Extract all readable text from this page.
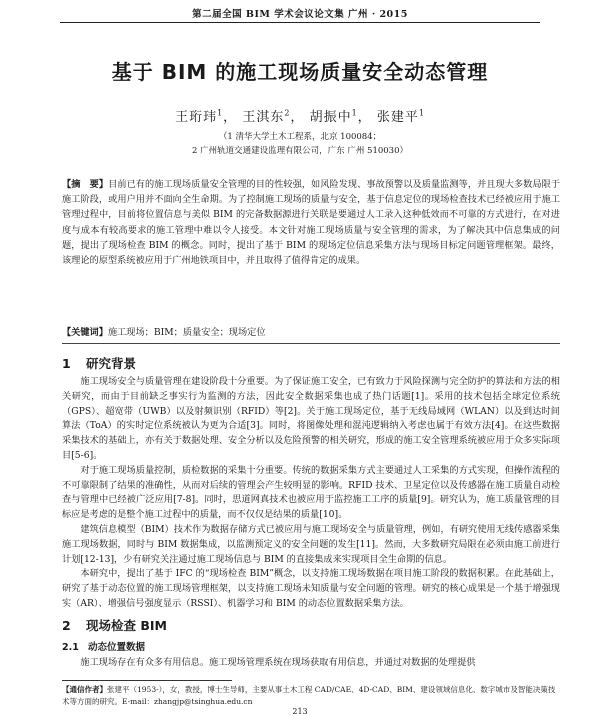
第二届全国 BIM 学术会议论文集 广州 · 2015
基于 BIM 的施工现场质量安全动态管理
王珩玮$^1$， 王淇东$^2$， 胡振中$^1$， 张建平$^1$
（1 清华大学土木工程系，北京 100084；
2 广州轨道交通建设监理有限公司，广东 广州 510030）
【摘　要】目前已有的施工现场质量安全管理的目的性较强，如风险发现、事故预警以及质量监测等，并且现大多数局限于施工阶段，或用户用并不面向全生命期。为了控制施工现场的质量与安全，基于信息定位的现场检查技术已经被应用于施工管理过程中，目前将位置信息与美似 BIM 的完备数据源进行关联是要通过人工录入这种低效而不可靠的方式进行，在对进度与成本有较高要求的施工管理中难以令人接受。本文针对施工现场质量与安全管理的需求，为了解决其中信息集成的问题，提出了现场检查 BIM 的概念。同时，提出了基于 BIM 的现场定位信息采集方法与现场目标定问题管理框架。最终，该理论的原型系统被应用于广州地铁项目中，并且取得了值得肯定的成果。
【关键词】施工现场；BIM；质量安全；现场定位
1 研究背景

施工现场安全与质量管理在建设阶段十分重要。为了保证施工安全，已有致力于风险探测与完全防护的算法和方法的相关研究，而由于目前缺乏事实行为监测的方法，因此安全数据采集也成了热门话题[1]。采用的技术包括全球定位系统（GPS）、超宽带（UWB）以及射频识别（RFID）等[2]。关于施工现场定位，基于无线局域网（WLAN）以及到达时间算法（ToA）的实时定位系统被认为更为合适[3]。同时，将图像处理和混沌逻辑纳入考虑也属于有效方法[4]。在这些数据采集技术的基础上，亦有关于数据处理、安全分析以及危险预警的相关研究，形成的施工安全管理系统被应用于众多实际项目[5-6]。

对于施工现场质量控制，质检数据的采集十分重要。传统的数据采集方式主要通过人工采集的方式实现，但操作流程的不可靠限制了结果的准确性，从而对后续的管理会产生较明显的影响。RFID 技术、卫星定位以及传感器在施工质量自动检查与管理中已经被广泛应用[7-8]。同时，思道网真技术也被应用于监控施工工序的质量[9]。研究认为，施工质量管理的目标应是考虑的是整个施工过程中的质量，而不仅仅是结果的质量[10]。

建筑信息模型（BIM）技术作为数据存储方式已被应用与施工现场安全与质量管理，例如，有研究使用无线传感器采集施工现场数据，同时与 BIM 数据集成，以监测预定义的安全问题的发生[11]。然而，大多数研究局限在必须由施工前进行计划[12-13]，少有研究关注通过施工现场信息与 BIM 的直接集成来实现项目全生命期的信息。

本研究中，提出了基于 IFC 的“现场检查 BIM”概念，以支持施工现场数据在项目施工阶段的数据积累。在此基础上，研究了基于动态位置的施工现场管理框架，以支持施工现场未知质量与安全问题的管理。研究的核心成果是一个基于增强现实（AR）、增强信号强度显示（RSSI）、机器学习和 BIM 的动态位置数据采集方法。

2 现场检查 BIM
2.1 动态位置数据

施工现场存在有众多有用信息。施工现场管理系统在现场获取有用信息，并通过对数据的处理提供

【通信作者】张建平（1953-），女，教授，博士生导师，主要从事土木工程 CAD/CAE、4D-CAD、BIM、建设领域信息化、数字城市及智能决策技术等方面的研究。E-mail：zhangjp@tsinghua.edu.cn
213
